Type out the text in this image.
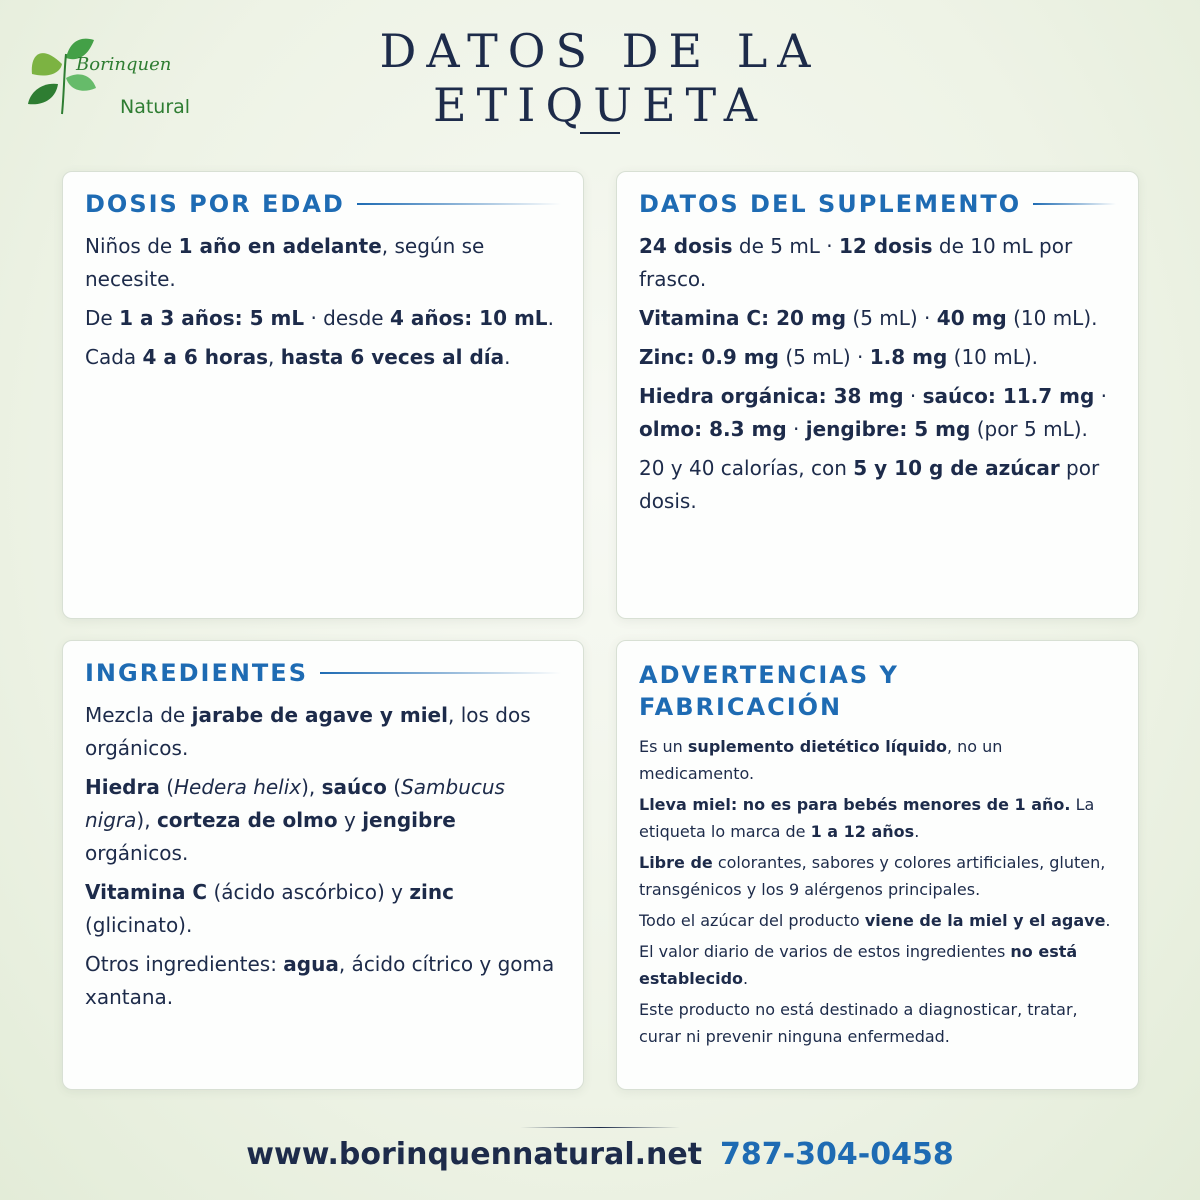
Borinquen
Natural
DATOS DE LA
ETIQUETA
DOSIS POR EDAD

Niños de 1 año en adelante, según se necesite.

De 1 a 3 años: 5 mL · desde 4 años: 10 mL.

Cada 4 a 6 horas, hasta 6 veces al día.

DATOS DEL SUPLEMENTO

24 dosis de 5 mL · 12 dosis de 10 mL por frasco.

Vitamina C: 20 mg (5 mL) · 40 mg (10 mL).

Zinc: 0.9 mg (5 mL) · 1.8 mg (10 mL).

Hiedra orgánica: 38 mg · saúco: 11.7 mg · olmo: 8.3 mg · jengibre: 5 mg (por 5 mL).

20 y 40 calorías, con 5 y 10 g de azúcar por dosis.

INGREDIENTES

Mezcla de jarabe de agave y miel, los dos orgánicos.

Hiedra (Hedera helix), saúco (Sambucus nigra), corteza de olmo y jengibre orgánicos.

Vitamina C (ácido ascórbico) y zinc (glicinato).

Otros ingredientes: agua, ácido cítrico y goma xantana.

ADVERTENCIAS Y
FABRICACIÓN

Es un suplemento dietético líquido, no un medicamento.

Lleva miel: no es para bebés menores de 1 año. La etiqueta lo marca de 1 a 12 años.

Libre de colorantes, sabores y colores artificiales, gluten, transgénicos y los 9 alérgenos principales.

Todo el azúcar del producto viene de la miel y el agave.

El valor diario de varios de estos ingredientes no está establecido.

Este producto no está destinado a diagnosticar, tratar, curar ni prevenir ninguna enfermedad.

www.borinquennatural.net 787-304-0458
